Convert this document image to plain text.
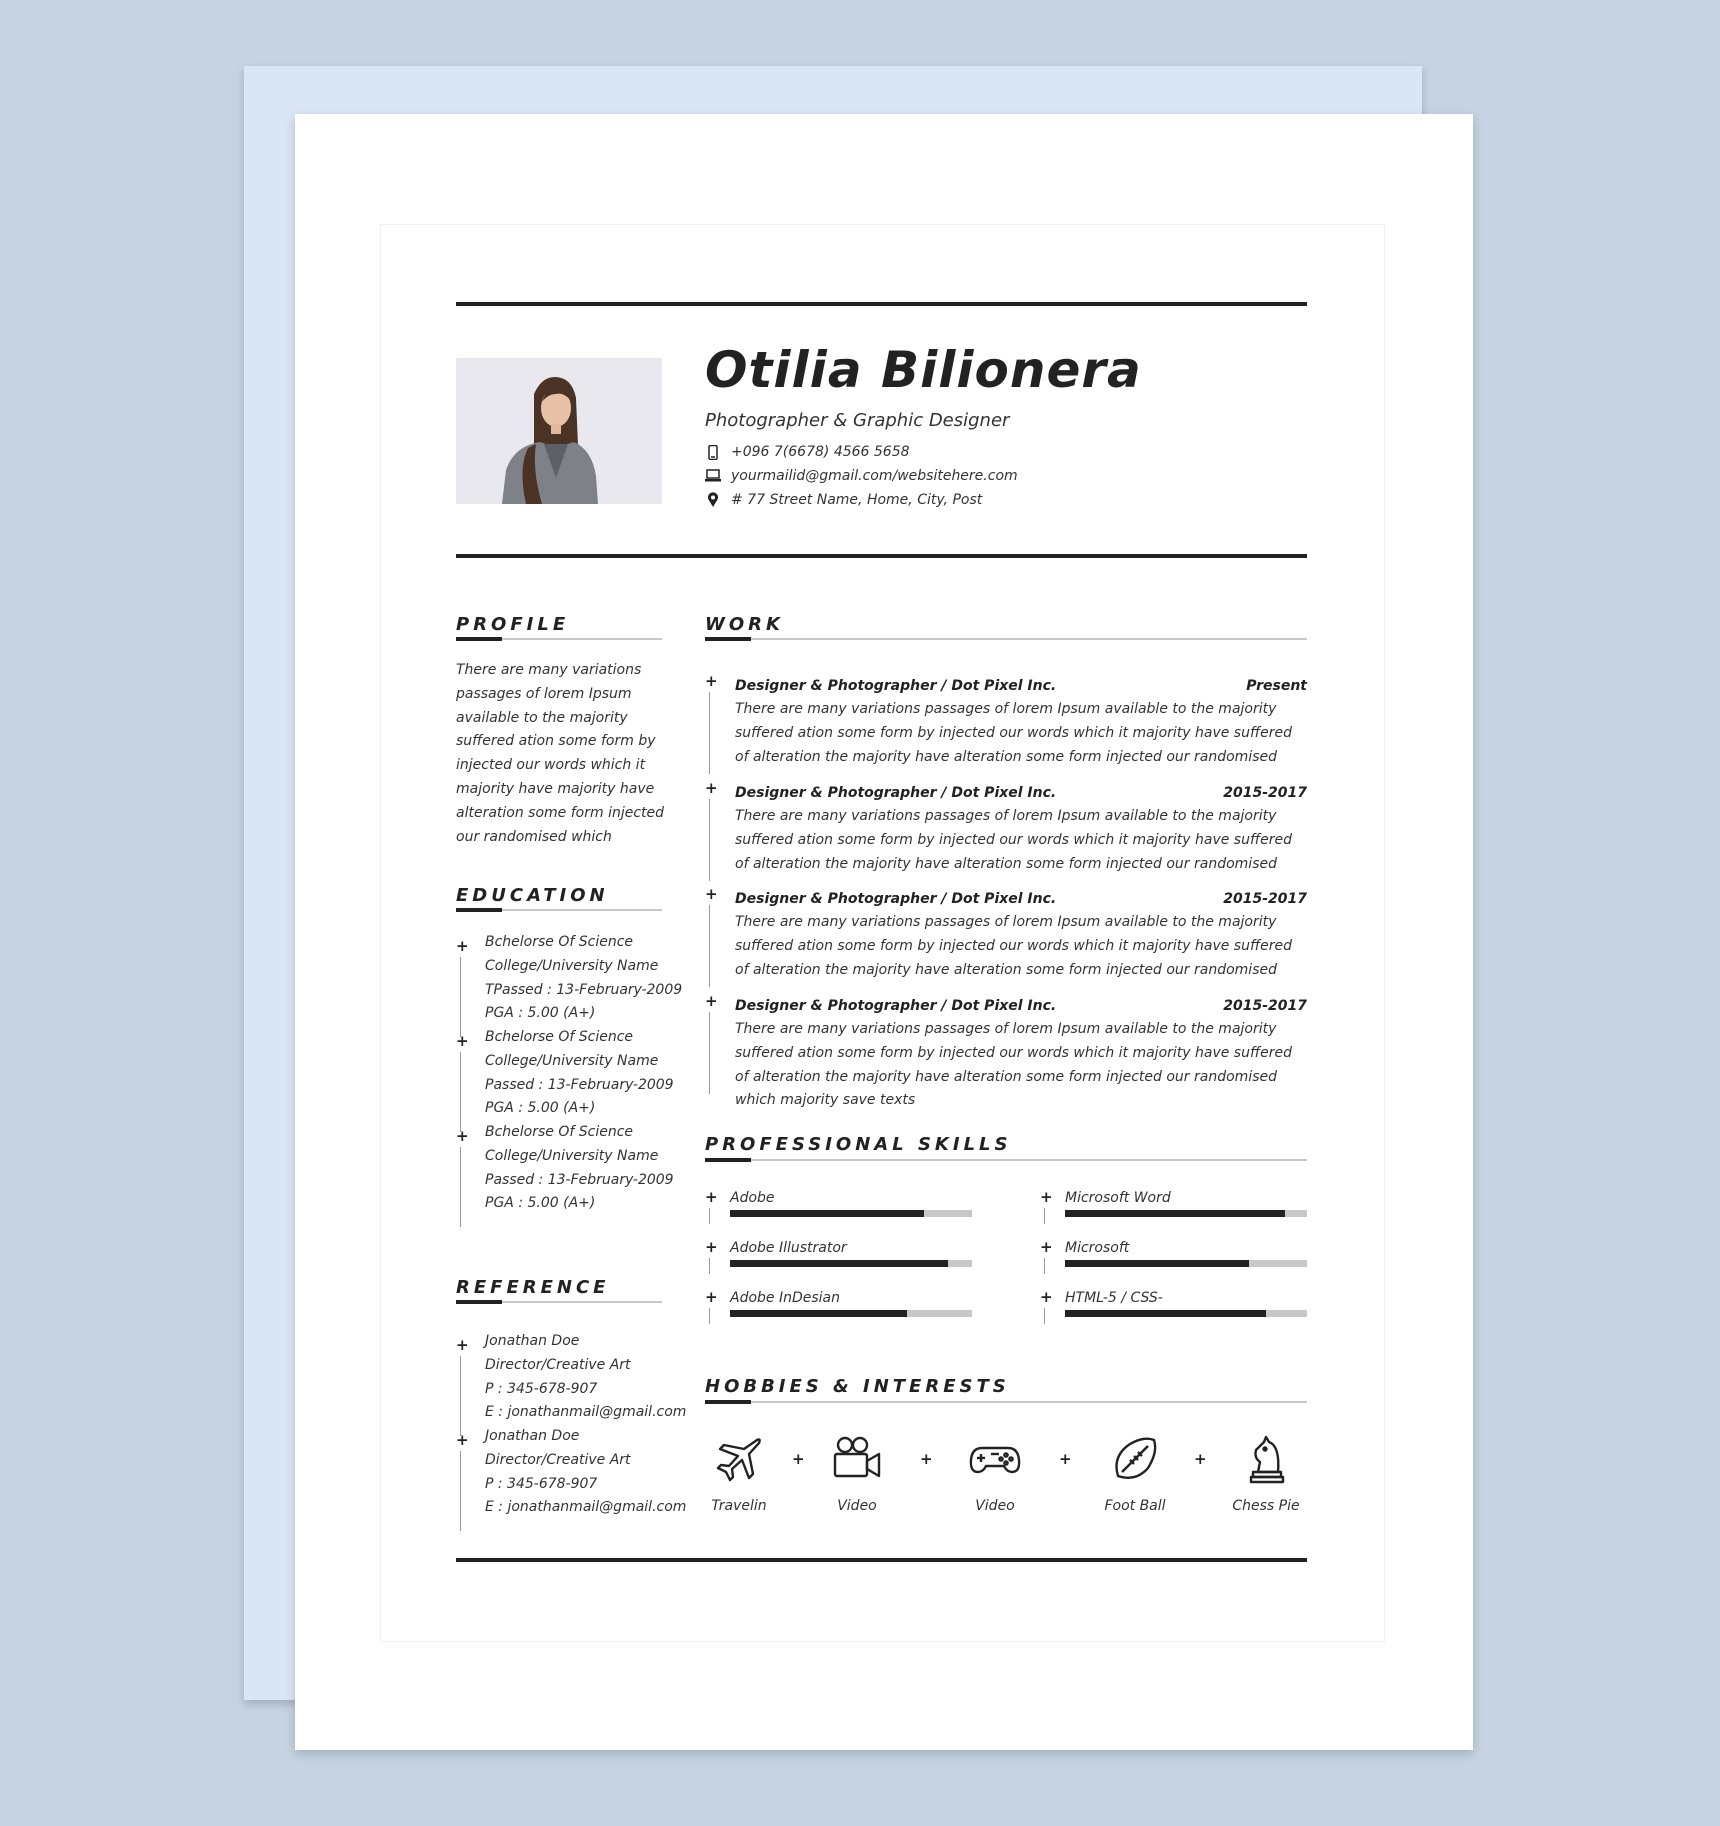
Otilia Bilionera
Photographer & Graphic Designer
+096 7(6678) 4566 5658
yourmailid@gmail.com/websitehere.com
# 77 Street Name, Home, City, Post
PROFILE
There are many variations
passages of lorem Ipsum
available to the majority
suffered ation some form by
injected our words which it
majority have majority have
alteration some form injected
our randomised which
EDUCATION
+ Bchelorse Of Science
College/University Name
TPassed : 13-February-2009
PGA : 5.00 (A+)
+ Bchelorse Of Science
College/University Name
Passed : 13-February-2009
PGA : 5.00 (A+)
+ Bchelorse Of Science
College/University Name
Passed : 13-February-2009
PGA : 5.00 (A+)
REFERENCE
+ Jonathan Doe
Director/Creative Art
P : 345-678-907
E : jonathanmail@gmail.com
+ Jonathan Doe
Director/Creative Art
P : 345-678-907
E : jonathanmail@gmail.com
WORK
+ Designer & Photographer / Dot Pixel Inc.	Present
There are many variations passages of lorem Ipsum available to the majority
suffered ation some form by injected our words which it majority have suffered
of alteration the majority have alteration some form injected our randomised
+ Designer & Photographer / Dot Pixel Inc.	2015-2017
There are many variations passages of lorem Ipsum available to the majority
suffered ation some form by injected our words which it majority have suffered
of alteration the majority have alteration some form injected our randomised
+ Designer & Photographer / Dot Pixel Inc.	2015-2017
There are many variations passages of lorem Ipsum available to the majority
suffered ation some form by injected our words which it majority have suffered
of alteration the majority have alteration some form injected our randomised
+ Designer & Photographer / Dot Pixel Inc.	2015-2017
There are many variations passages of lorem Ipsum available to the majority
suffered ation some form by injected our words which it majority have suffered
of alteration the majority have alteration some form injected our randomised
which majority save texts
PROFESSIONAL SKILLS
+ Adobe	+ Microsoft Word
+ Adobe Illustrator	+ Microsoft
+ Adobe InDesian	+ HTML-5 / CSS-
HOBBIES & INTERESTS
Travelin
+
Video
+
Video
+
Foot Ball
+
Chess Pie
